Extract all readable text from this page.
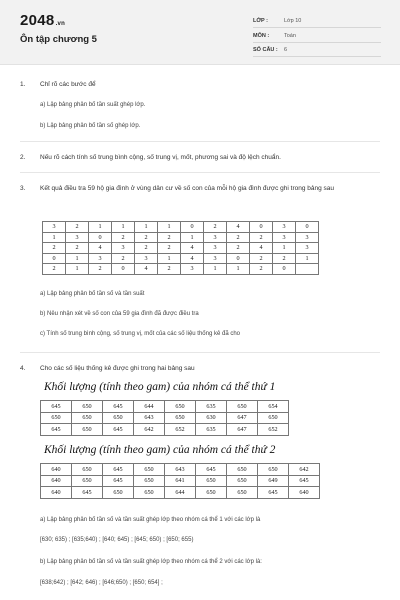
2048.vn
Ôn tập chương 5
LỚP :	Lớp 10
MÔN :	Toán
SỐ CÂU :	6
1. Chỉ rõ các bước để
a) Lập bảng phân bố tần suất ghép lớp.
b) Lập bảng phân bố tần số ghép lớp.
2. Nếu rõ cách tính số trung bình cộng, số trung vị, mốt, phương sai và độ lệch chuẩn.
3. Kết quả điều tra 59 hộ gia đình ở vùng dân cư về số con của mỗi hộ gia đình được ghi trong bảng sau
3	2	1	1	1	1	0	2	4	0	3	0
1	3	0	2	2	2	1	3	2	2	3	3
2	2	4	3	2	2	4	3	2	4	1	3
0	1	3	2	3	1	4	3	0	2	2	1
2	1	2	0	4	2	3	1	1	2	0	
a) Lập bảng phân bố tần số và tần suất
b) Nêu nhận xét về số con của 59 gia đình đã được điều tra
c) Tính số trung bình cộng, số trung vị, mốt của các số liệu thống kê đã cho
4. Cho các số liệu thống kê được ghi trong hai bảng sau
Khối lượng (tính theo gam) của nhóm cá thể thứ 1
645	650	645	644	650	635	650	654
650	650	650	643	650	630	647	650
645	650	645	642	652	635	647	652
Khối lượng (tính theo gam) của nhóm cá thể thứ 2
640	650	645	650	643	645	650	650	642
640	650	645	650	641	650	650	649	645
640	645	650	650	644	650	650	645	640
a) Lập bảng phân bố tần số và tần suất ghép lớp theo nhóm cá thể 1 với các lớp là
[630; 635) ; [635;640) ; [640; 645) ; [645; 650) ; [650; 655)
b) Lập bảng phân bố tần số và tần suất ghép lớp theo nhóm cá thể 2 với các lớp là:
[638;642) ; [642; 646) ; [646;650) ; [650; 654] ;
